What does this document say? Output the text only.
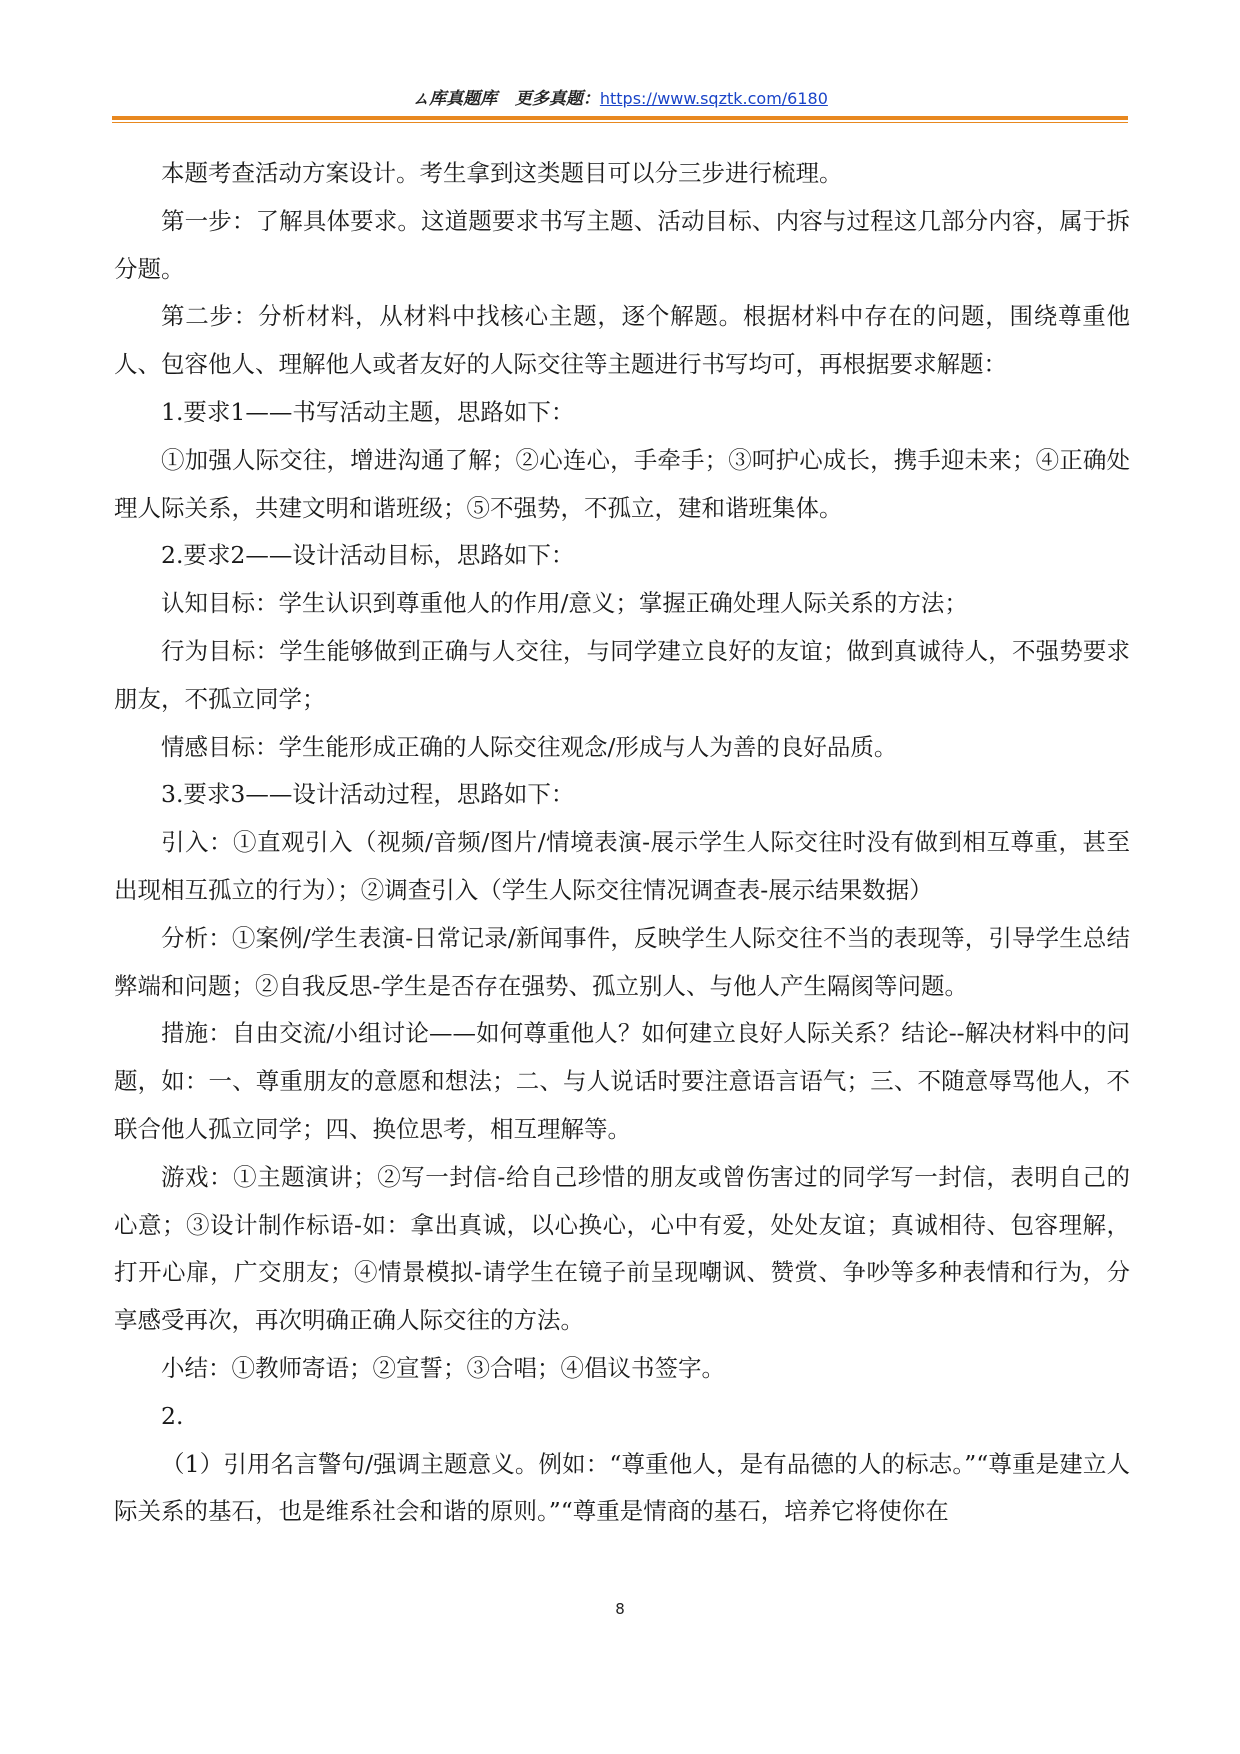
ㄙ库真题库 更多真题：https://www.sqztk.com/6180

本题考查活动方案设计。考生拿到这类题目可以分三步进行梳理。

第一步：了解具体要求。这道题要求书写主题、活动目标、内容与过程这几部分内容，属于拆分题。

第二步：分析材料，从材料中找核心主题，逐个解题。根据材料中存在的问题，围绕尊重他人、包容他人、理解他人或者友好的人际交往等主题进行书写均可，再根据要求解题：

1.要求1——书写活动主题，思路如下：

①加强人际交往，增进沟通了解；②心连心，手牵手；③呵护心成长，携手迎未来；④正确处理人际关系，共建文明和谐班级；⑤不强势，不孤立，建和谐班集体。

2.要求2——设计活动目标，思路如下：

认知目标：学生认识到尊重他人的作用/意义；掌握正确处理人际关系的方法；

行为目标：学生能够做到正确与人交往，与同学建立良好的友谊；做到真诚待人，不强势要求朋友，不孤立同学；

情感目标：学生能形成正确的人际交往观念/形成与人为善的良好品质。

3.要求3——设计活动过程，思路如下：

引入：①直观引入（视频/音频/图片/情境表演-展示学生人际交往时没有做到相互尊重，甚至出现相互孤立的行为）；②调查引入（学生人际交往情况调查表-展示结果数据）

分析：①案例/学生表演-日常记录/新闻事件，反映学生人际交往不当的表现等，引导学生总结弊端和问题；②自我反思-学生是否存在强势、孤立别人、与他人产生隔阂等问题。

措施：自由交流/小组讨论——如何尊重他人？如何建立良好人际关系？结论--解决材料中的问题，如：一、尊重朋友的意愿和想法；二、与人说话时要注意语言语气；三、不随意辱骂他人，不联合他人孤立同学；四、换位思考，相互理解等。

游戏：①主题演讲；②写一封信-给自己珍惜的朋友或曾伤害过的同学写一封信，表明自己的心意；③设计制作标语-如：拿出真诚，以心换心，心中有爱，处处友谊；真诚相待、包容理解，打开心扉，广交朋友；④情景模拟-请学生在镜子前呈现嘲讽、赞赏、争吵等多种表情和行为，分享感受再次，再次明确正确人际交往的方法。

小结：①教师寄语；②宣誓；③合唱；④倡议书签字。

2.

（1）引用名言警句/强调主题意义。例如：“尊重他人，是有品德的人的标志。”“尊重是建立人际关系的基石，也是维系社会和谐的原则。”“尊重是情商的基石，培养它将使你在

8
